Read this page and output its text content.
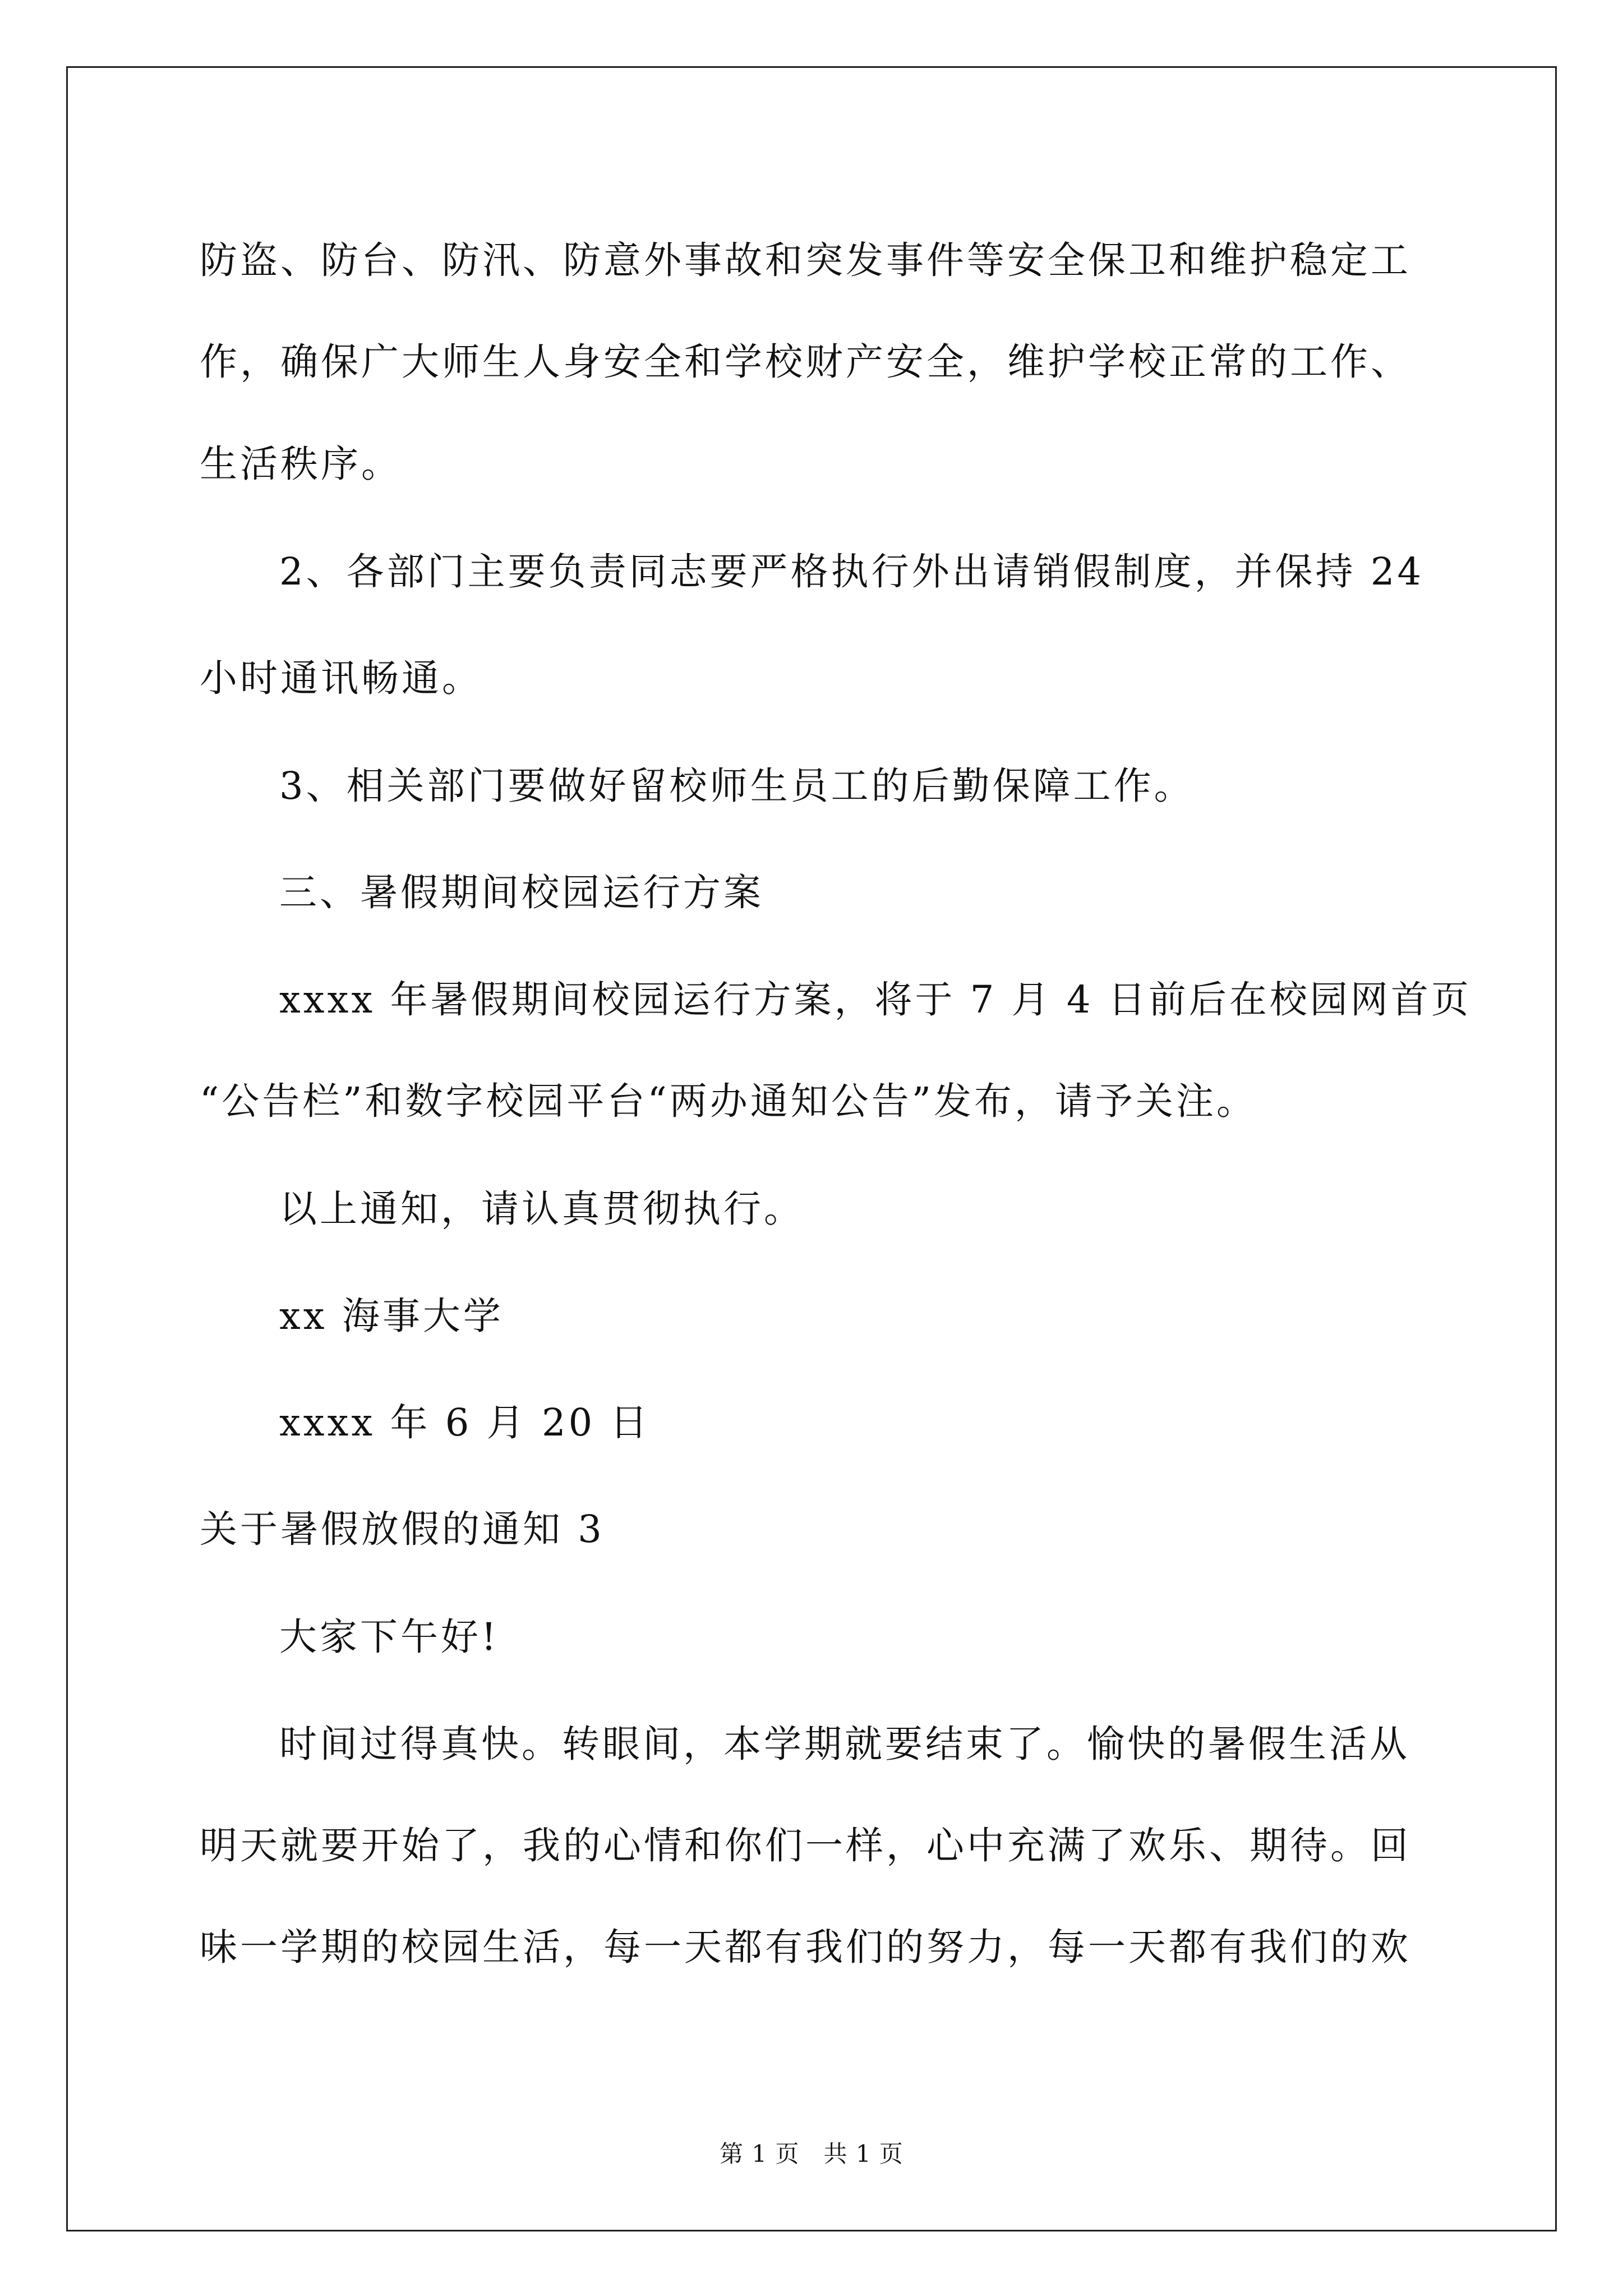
防盗、防台、防汛、防意外事故和突发事件等安全保卫和维护稳定工
作，确保广大师生人身安全和学校财产安全，维护学校正常的工作、
生活秩序。
2、各部门主要负责同志要严格执行外出请销假制度，并保持 24
小时通讯畅通。
3、相关部门要做好留校师生员工的后勤保障工作。
三、暑假期间校园运行方案
xxxx 年暑假期间校园运行方案，将于 7 月 4 日前后在校园网首页
“公告栏”和数字校园平台“两办通知公告”发布，请予关注。
以上通知，请认真贯彻执行。
xx 海事大学
xxxx 年 6 月 20 日
关于暑假放假的通知 3
大家下午好!
时间过得真快。转眼间，本学期就要结束了。愉快的暑假生活从
明天就要开始了，我的心情和你们一样，心中充满了欢乐、期待。回
味一学期的校园生活，每一天都有我们的努力，每一天都有我们的欢
第 1 页　共 1 页
